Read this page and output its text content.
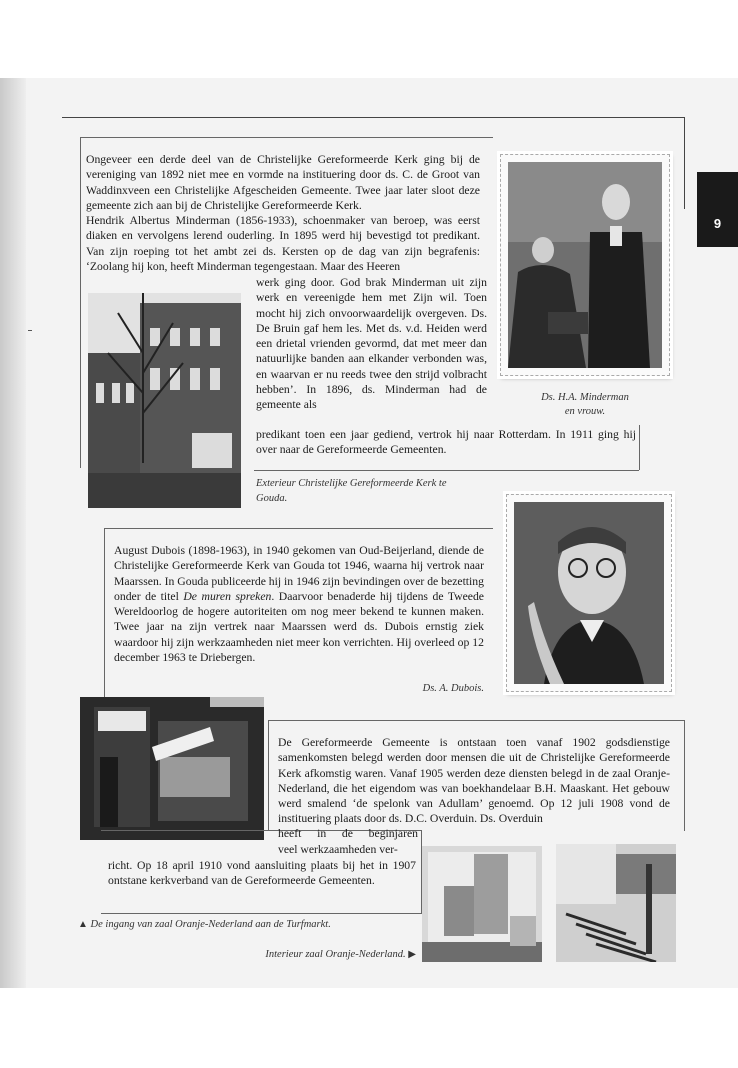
9

Ongeveer een derde deel van de Christelijke Gereformeerde Kerk ging bij de vereniging van 1892 niet mee en vormde na instituering door ds. C. de Groot van Waddinxveen een Christelijke Afgescheiden Gemeente. Twee jaar later sloot deze gemeente zich aan bij de Christelijke Gereformeerde Kerk.

Hendrik Albertus Minderman (1856-1933), schoenmaker van beroep, was eerst diaken en vervolgens lerend ouderling. In 1895 werd hij bevestigd tot predikant. Van zijn roeping tot het ambt zei ds. Kersten op de dag van zijn begrafenis: ‘Zoolang hij kon, heeft Minderman tegengestaan. Maar des Heeren

werk ging door. God brak Minderman uit zijn werk en vereenigde hem met Zijn wil. Toen mocht hij zich onvoorwaardelijk overgeven. Ds. De Bruin gaf hem les. Met ds. v.d. Heiden werd een drietal vrienden gevormd, dat met meer dan natuurlijke banden aan elkander verbonden was, en waarvan er nu reeds twee den strijd volbracht hebben’. In 1896, ds. Minderman had de gemeente als

predikant toen een jaar gediend, vertrok hij naar Rotterdam. In 1911 ging hij over naar de Gereformeerde Gemeenten.

Ds. H.A. Minderman
en vrouw.
Exterieur Christelijke Gereformeerde Kerk te
Gouda.

August Dubois (1898-1963), in 1940 gekomen van Oud-Beijerland, diende de Christelijke Gereformeerde Kerk van Gouda tot 1946, waarna hij vertrok naar Maarssen. In Gouda publiceerde hij in 1946 zijn bevindingen over de bezetting onder de titel De muren spreken. Daarvoor benaderde hij tijdens de Tweede Wereldoorlog de hogere autoriteiten om nog meer bekend te kunnen maken. Twee jaar na zijn vertrek naar Maarssen werd ds. Dubois ernstig ziek waardoor hij zijn werkzaamheden niet meer kon verrichten. Hij overleed op 12 december 1963 te Driebergen.

Ds. A. Dubois.

De Gereformeerde Gemeente is ontstaan toen vanaf 1902 godsdienstige samenkomsten belegd werden door mensen die uit de Christelijke Gereformeerde Kerk afkomstig waren. Vanaf 1905 werden deze diensten belegd in de zaal Oranje-Nederland, die het eigendom was van boekhandelaar B.H. Maaskant. Het gebouw werd smalend ‘de spelonk van Adullam’ genoemd. Op 12 juli 1908 vond de instituering plaats door ds. D.C. Overduin. Ds. Overduin

heeft in de beginjaren
veel werkzaamheden ver-

richt. Op 18 april 1910 vond aansluiting plaats bij het in 1907 ontstane kerkverband van de Gereformeerde Gemeenten.

▲ De ingang van zaal Oranje-Nederland aan de Turfmarkt.
Interieur zaal Oranje-Nederland. ▶
